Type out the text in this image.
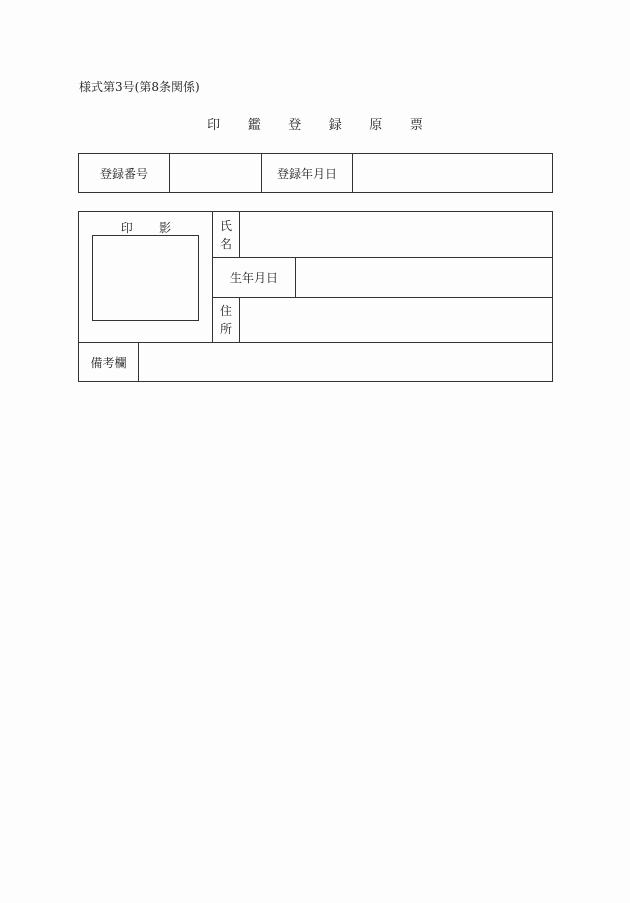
様式第3号(第8条関係)
印 鑑 登 録 原 票
登録番号	登録年月日
印影	氏
名
生年月日
住
所
備考欄
